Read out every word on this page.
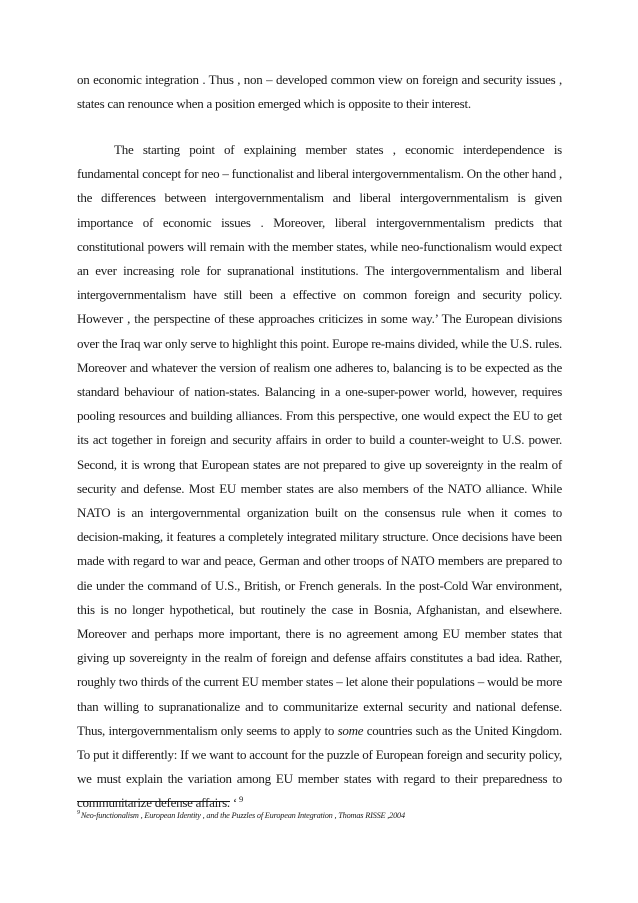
on economic integration . Thus , non – developed common view on foreign and security issues , states can renounce when a position emerged which is opposite to their interest.

The starting point of explaining member states , economic interdependence is fundamental concept for neo – functionalist and liberal intergovernmentalism. On the other hand , the differences between intergovernmentalism and liberal intergovernmentalism is given importance of economic issues . Moreover, liberal intergovernmentalism predicts that constitutional powers will remain with the member states, while neo-functionalism would expect an ever increasing role for supranational institutions. The intergovernmentalism and liberal intergovernmentalism have still been a effective on common foreign and security policy. However , the perspectine of these approaches criticizes in some way.’ The European divisions over the Iraq war only serve to highlight this point. Europe re-mains divided, while the U.S. rules. Moreover and whatever the version of realism one adheres to, balancing is to be expected as the standard behaviour of nation-states. Balancing in a one-super-power world, however, requires pooling resources and building alliances. From this perspective, one would expect the EU to get its act together in foreign and security affairs in order to build a counter-weight to U.S. power. Second, it is wrong that European states are not prepared to give up sovereignty in the realm of security and defense. Most EU member states are also members of the NATO alliance. While NATO is an intergovernmental organization built on the consensus rule when it comes to decision-making, it features a completely integrated military structure. Once decisions have been made with regard to war and peace, German and other troops of NATO members are prepared to die under the command of U.S., British, or French generals. In the post-Cold War environment, this is no longer hypothetical, but routinely the case in Bosnia, Afghanistan, and elsewhere. Moreover and perhaps more important, there is no agreement among EU member states that giving up sovereignty in the realm of foreign and defense affairs constitutes a bad idea. Rather, roughly two thirds of the current EU member states – let alone their populations – would be more than willing to supranationalize and to communitarize external security and national defense. Thus, intergovernmentalism only seems to apply to some countries such as the United Kingdom. To put it differently: If we want to account for the puzzle of European foreign and security policy, we must explain the variation among EU member states with regard to their preparedness to communitarize defense affairs. ‘ $^9$

$^9$Neo-functionalism , European Identity , and the Puzzles of European Integration , Thomas RISSE ,2004
